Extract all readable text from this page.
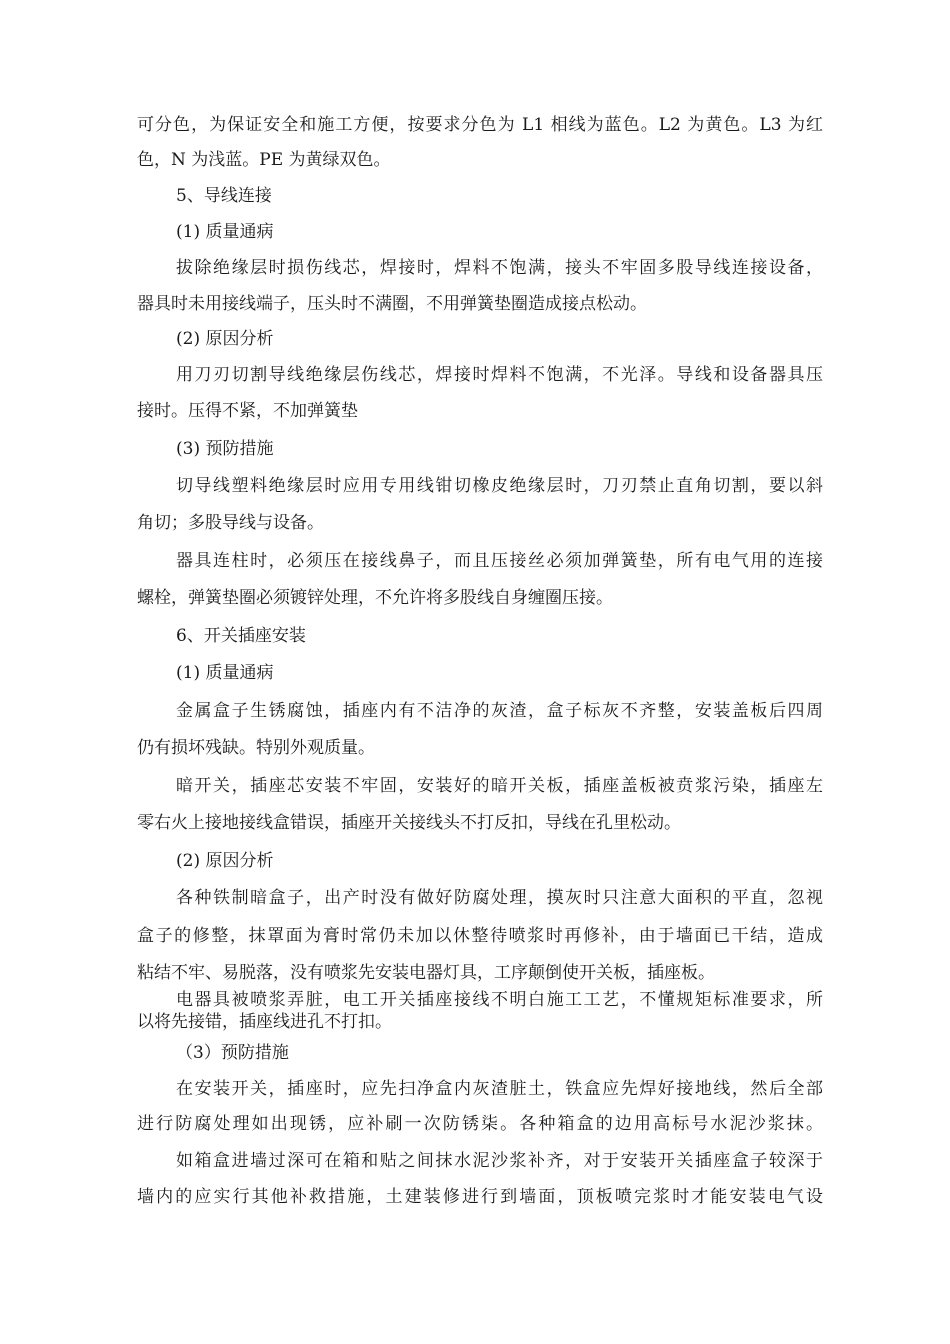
可分色，为保证安全和施工方便，按要求分色为 L1 相线为蓝色。L2 为黄色。L3 为红

色，N 为浅蓝。PE 为黄绿双色。

5、导线连接

(1) 质量通病

拔除绝缘层时损伤线芯，焊接时，焊料不饱满，接头不牢固多股导线连接设备，

器具时未用接线端子，压头时不满圈，不用弹簧垫圈造成接点松动。

(2) 原因分析

用刀刃切割导线绝缘层伤线芯，焊接时焊料不饱满，不光泽。导线和设备器具压

接时。压得不紧，不加弹簧垫

(3) 预防措施

切导线塑料绝缘层时应用专用线钳切橡皮绝缘层时，刀刃禁止直角切割，要以斜

角切；多股导线与设备。

器具连柱时，必须压在接线鼻子，而且压接丝必须加弹簧垫，所有电气用的连接

螺栓，弹簧垫圈必须镀锌处理，不允许将多股线自身缠圈压接。

6、开关插座安装

(1) 质量通病

金属盒子生锈腐蚀，插座内有不洁净的灰渣，盒子标灰不齐整，安装盖板后四周

仍有损坏残缺。特别外观质量。

暗开关，插座芯安装不牢固，安装好的暗开关板，插座盖板被贲浆污染，插座左

零右火上接地接线盒错误，插座开关接线头不打反扣，导线在孔里松动。

(2) 原因分析

各种铁制暗盒子，出产时没有做好防腐处理，摸灰时只注意大面积的平直，忽视

盒子的修整，抹罩面为膏时常仍未加以休整待喷浆时再修补，由于墙面已干结，造成

粘结不牢、易脱落，没有喷浆先安装电器灯具，工序颠倒使开关板，插座板。

电器具被喷浆弄脏，电工开关插座接线不明白施工工艺，不懂规矩标准要求，所

以将先接错，插座线进孔不打扣。

（3）预防措施

在安装开关，插座时，应先扫净盒内灰渣脏土，铁盒应先焊好接地线，然后全部

进行防腐处理如出现锈，应补刷一次防锈柒。各种箱盒的边用高标号水泥沙浆抹。

如箱盒进墙过深可在箱和贴之间抹水泥沙浆补齐，对于安装开关插座盒子较深于

墙内的应实行其他补救措施，土建装修进行到墙面，顶板喷完浆时才能安装电气设
